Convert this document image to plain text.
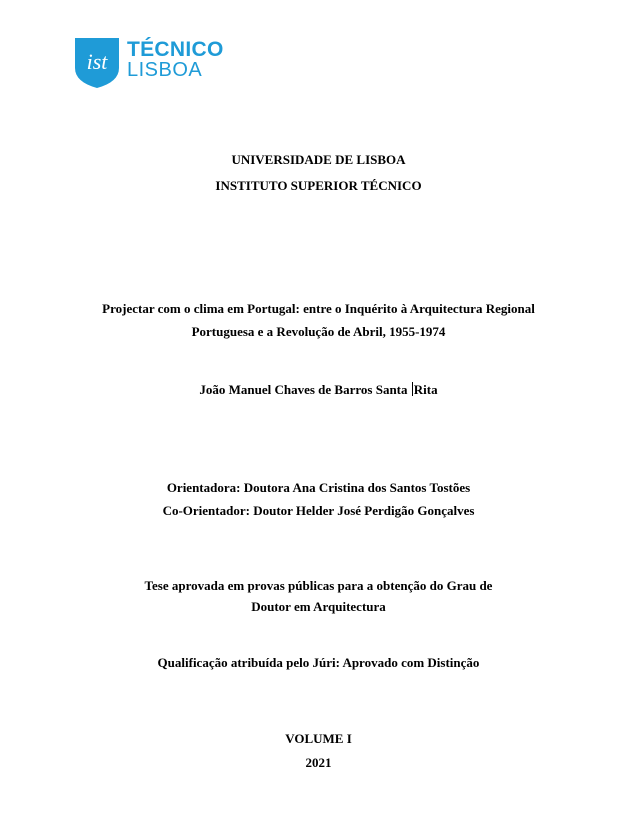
ist TÉCNICO
LISBOA
UNIVERSIDADE DE LISBOA
INSTITUTO SUPERIOR TÉCNICO
Projectar com o clima em Portugal: entre o Inquérito à Arquitectura Regional
Portuguesa e a Revolução de Abril, 1955-1974
João Manuel Chaves de Barros Santa Rita
Orientadora: Doutora Ana Cristina dos Santos Tostões
Co-Orientador: Doutor Helder José Perdigão Gonçalves
Tese aprovada em provas públicas para a obtenção do Grau de
Doutor em Arquitectura
Qualificação atribuída pelo Júri: Aprovado com Distinção
VOLUME I
2021
